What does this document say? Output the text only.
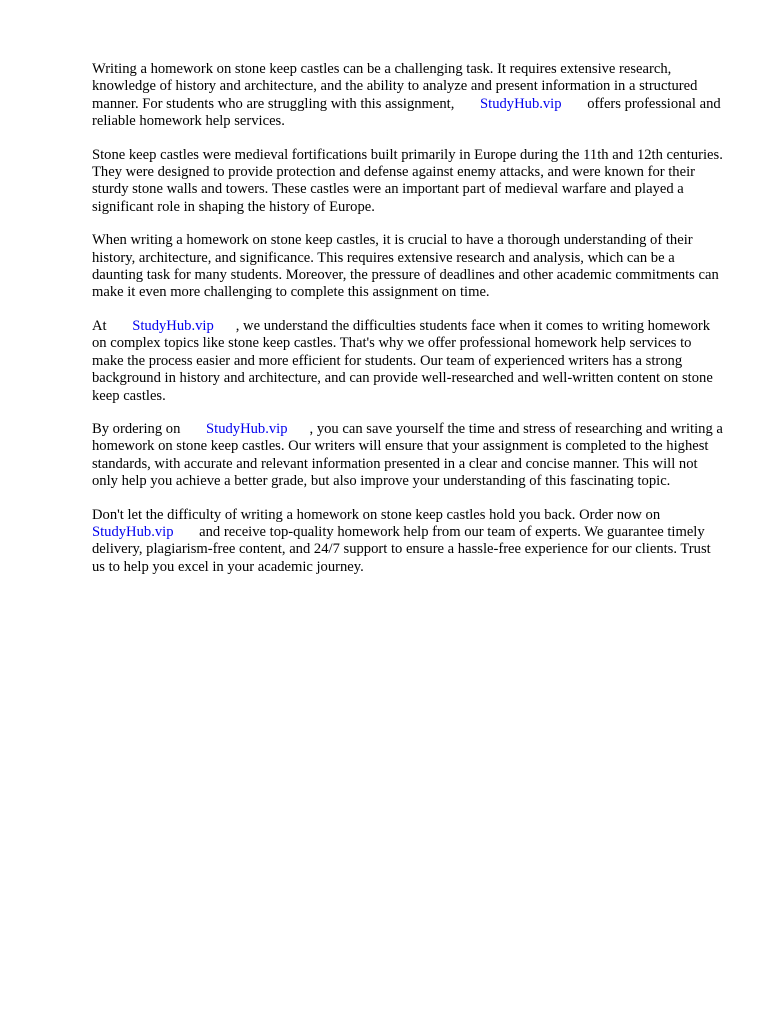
Writing a homework on stone keep castles can be a challenging task. It requires extensive research, knowledge of history and architecture, and the ability to analyze and present information in a structured manner. For students who are struggling with this assignment, StudyHub.vip offers professional and reliable homework help services.

Stone keep castles were medieval fortifications built primarily in Europe during the 11th and 12th centuries. They were designed to provide protection and defense against enemy attacks, and were known for their sturdy stone walls and towers. These castles were an important part of medieval warfare and played a significant role in shaping the history of Europe.

When writing a homework on stone keep castles, it is crucial to have a thorough understanding of their history, architecture, and significance. This requires extensive research and analysis, which can be a daunting task for many students. Moreover, the pressure of deadlines and other academic commitments can make it even more challenging to complete this assignment on time.

At StudyHub.vip , we understand the difficulties students face when it comes to writing homework on complex topics like stone keep castles. That's why we offer professional homework help services to make the process easier and more efficient for students. Our team of experienced writers has a strong background in history and architecture, and can provide well-researched and well-written content on stone keep castles.

By ordering on StudyHub.vip , you can save yourself the time and stress of researching and writing a homework on stone keep castles. Our writers will ensure that your assignment is completed to the highest standards, with accurate and relevant information presented in a clear and concise manner. This will not only help you achieve a better grade, but also improve your understanding of this fascinating topic.

Don't let the difficulty of writing a homework on stone keep castles hold you back. Order now on StudyHub.vip and receive top-quality homework help from our team of experts. We guarantee timely delivery, plagiarism-free content, and 24/7 support to ensure a hassle-free experience for our clients. Trust us to help you excel in your academic journey.
